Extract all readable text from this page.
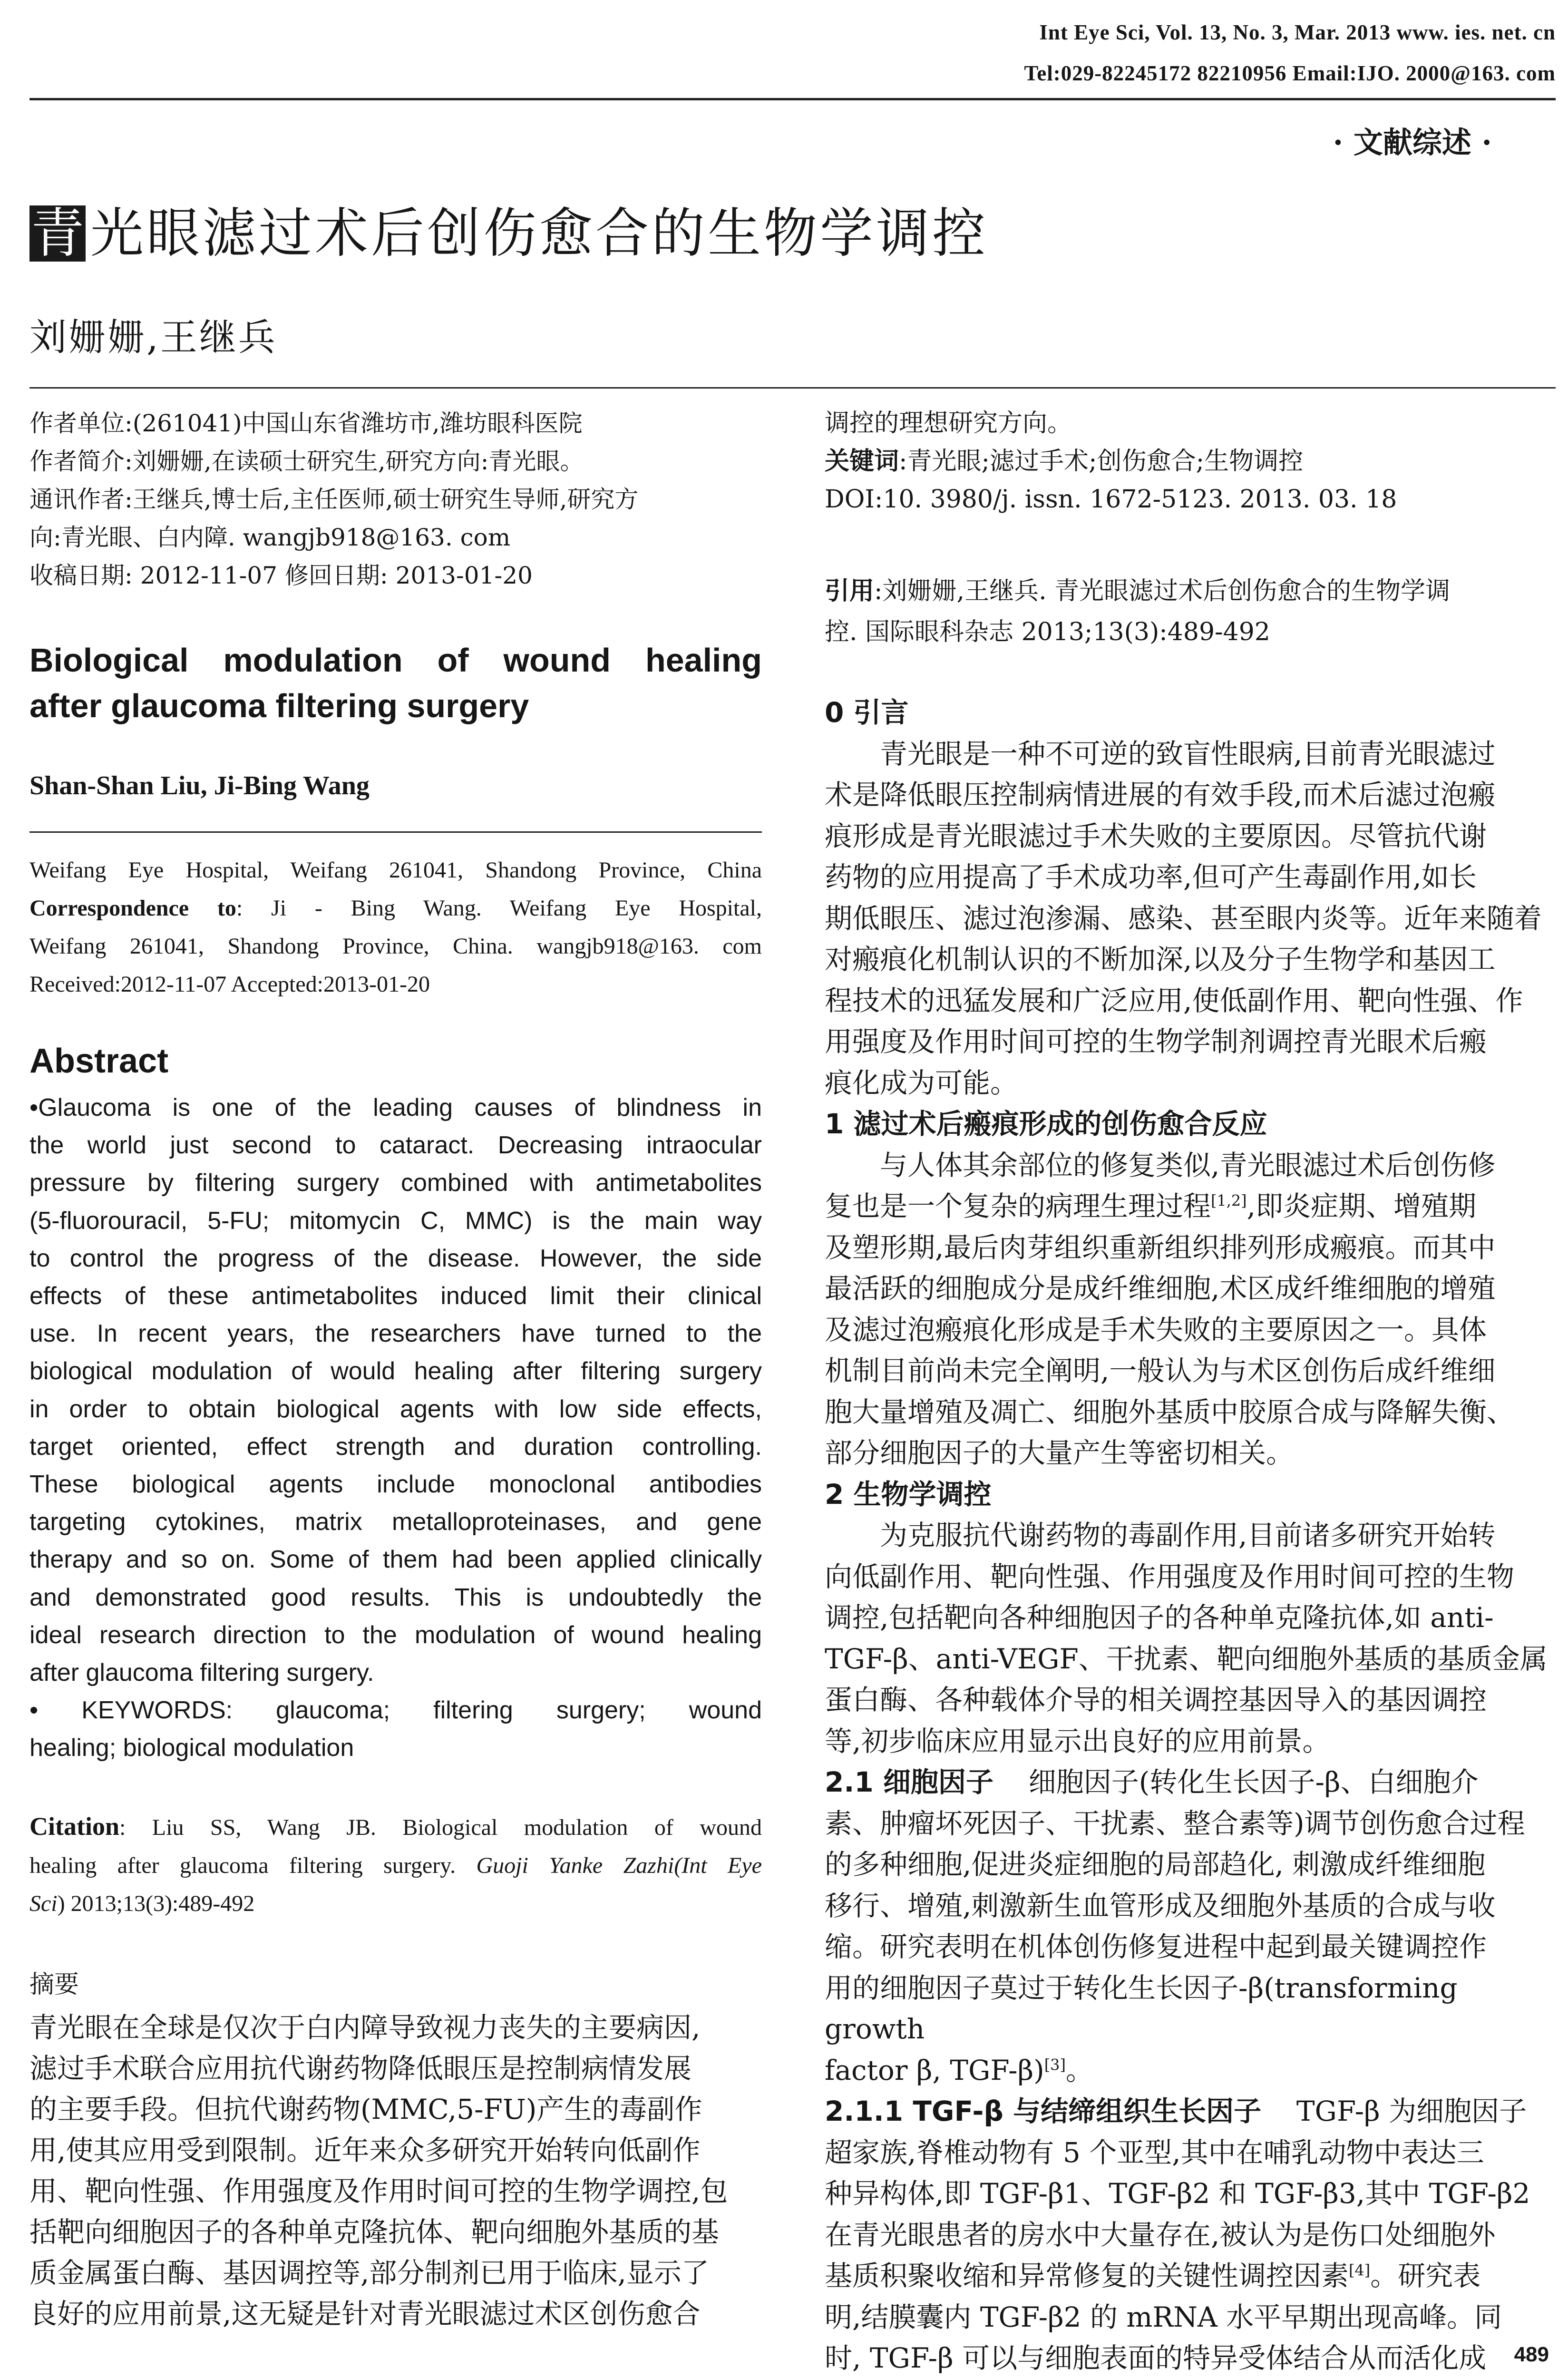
Int Eye Sci, Vol. 13, No. 3, Mar. 2013 www. ies. net. cn
Tel:029-82245172 82210956 Email:IJO. 2000@163. com
· 文献综述 ·
青 光眼滤过术后创伤愈合的生物学调控
刘姗姗,王继兵
作者单位:(261041)中国山东省潍坊市,潍坊眼科医院
作者简介:刘姗姗,在读硕士研究生,研究方向:青光眼。
通讯作者:王继兵,博士后,主任医师,硕士研究生导师,研究方
向:青光眼、白内障. wangjb918@163. com
收稿日期: 2012-11-07 修回日期: 2013-01-20
Biological modulation of wound healing
after glaucoma filtering surgery
Shan-Shan Liu, Ji-Bing Wang
Weifang Eye Hospital, Weifang 261041, Shandong Province, China
Correspondence to: Ji - Bing Wang. Weifang Eye Hospital,
Weifang 261041, Shandong Province, China. wangjb918@163. com
Received:2012-11-07 Accepted:2013-01-20
Abstract
•Glaucoma is one of the leading causes of blindness in
the world just second to cataract. Decreasing intraocular
pressure by filtering surgery combined with antimetabolites
(5-fluorouracil, 5-FU; mitomycin C, MMC) is the main way
to control the progress of the disease. However, the side
effects of these antimetabolites induced limit their clinical
use. In recent years, the researchers have turned to the
biological modulation of would healing after filtering surgery
in order to obtain biological agents with low side effects,
target oriented, effect strength and duration controlling.
These biological agents include monoclonal antibodies
targeting cytokines, matrix metalloproteinases, and gene
therapy and so on. Some of them had been applied clinically
and demonstrated good results. This is undoubtedly the
ideal research direction to the modulation of wound healing
after glaucoma filtering surgery.
• KEYWORDS: glaucoma; filtering surgery; wound
healing; biological modulation
Citation: Liu SS, Wang JB. Biological modulation of wound
healing after glaucoma filtering surgery. Guoji Yanke Zazhi(Int Eye
Sci) 2013;13(3):489-492
摘要
青光眼在全球是仅次于白内障导致视力丧失的主要病因,
滤过手术联合应用抗代谢药物降低眼压是控制病情发展
的主要手段。但抗代谢药物(MMC,5-FU)产生的毒副作
用,使其应用受到限制。近年来众多研究开始转向低副作
用、靶向性强、作用强度及作用时间可控的生物学调控,包
括靶向细胞因子的各种单克隆抗体、靶向细胞外基质的基
质金属蛋白酶、基因调控等,部分制剂已用于临床,显示了
良好的应用前景,这无疑是针对青光眼滤过术区创伤愈合
调控的理想研究方向。
关键词:青光眼;滤过手术;创伤愈合;生物调控
DOI:10. 3980/j. issn. 1672-5123. 2013. 03. 18
引用:刘姗姗,王继兵. 青光眼滤过术后创伤愈合的生物学调
控. 国际眼科杂志 2013;13(3):489-492
0 引言
青光眼是一种不可逆的致盲性眼病,目前青光眼滤过
术是降低眼压控制病情进展的有效手段,而术后滤过泡瘢
痕形成是青光眼滤过手术失败的主要原因。尽管抗代谢
药物的应用提高了手术成功率,但可产生毒副作用,如长
期低眼压、滤过泡渗漏、感染、甚至眼内炎等。近年来随着
对瘢痕化机制认识的不断加深,以及分子生物学和基因工
程技术的迅猛发展和广泛应用,使低副作用、靶向性强、作
用强度及作用时间可控的生物学制剂调控青光眼术后瘢
痕化成为可能。
1 滤过术后瘢痕形成的创伤愈合反应
与人体其余部位的修复类似,青光眼滤过术后创伤修
复也是一个复杂的病理生理过程[1,2],即炎症期、增殖期
及塑形期,最后肉芽组织重新组织排列形成瘢痕。而其中
最活跃的细胞成分是成纤维细胞,术区成纤维细胞的增殖
及滤过泡瘢痕化形成是手术失败的主要原因之一。具体
机制目前尚未完全阐明,一般认为与术区创伤后成纤维细
胞大量增殖及凋亡、细胞外基质中胶原合成与降解失衡、
部分细胞因子的大量产生等密切相关。
2 生物学调控
为克服抗代谢药物的毒副作用,目前诸多研究开始转
向低副作用、靶向性强、作用强度及作用时间可控的生物
调控,包括靶向各种细胞因子的各种单克隆抗体,如 anti-
TGF-β、anti-VEGF、干扰素、靶向细胞外基质的基质金属
蛋白酶、各种载体介导的相关调控基因导入的基因调控
等,初步临床应用显示出良好的应用前景。
2.1 细胞因子 细胞因子(转化生长因子-β、白细胞介
素、肿瘤坏死因子、干扰素、整合素等)调节创伤愈合过程
的多种细胞,促进炎症细胞的局部趋化, 刺激成纤维细胞
移行、增殖,刺激新生血管形成及细胞外基质的合成与收
缩。研究表明在机体创伤修复进程中起到最关键调控作
用的细胞因子莫过于转化生长因子-β(transforming growth
factor β, TGF-β)[3]。
2.1.1 TGF-β 与结缔组织生长因子 TGF-β 为细胞因子
超家族,脊椎动物有 5 个亚型,其中在哺乳动物中表达三
种异构体,即 TGF-β1、TGF-β2 和 TGF-β3,其中 TGF-β2
在青光眼患者的房水中大量存在,被认为是伤口处细胞外
基质积聚收缩和异常修复的关键性调控因素[4]。研究表
明,结膜囊内 TGF-β2 的 mRNA 水平早期出现高峰。同
时, TGF-β 可以与细胞表面的特异受体结合从而活化成	489
